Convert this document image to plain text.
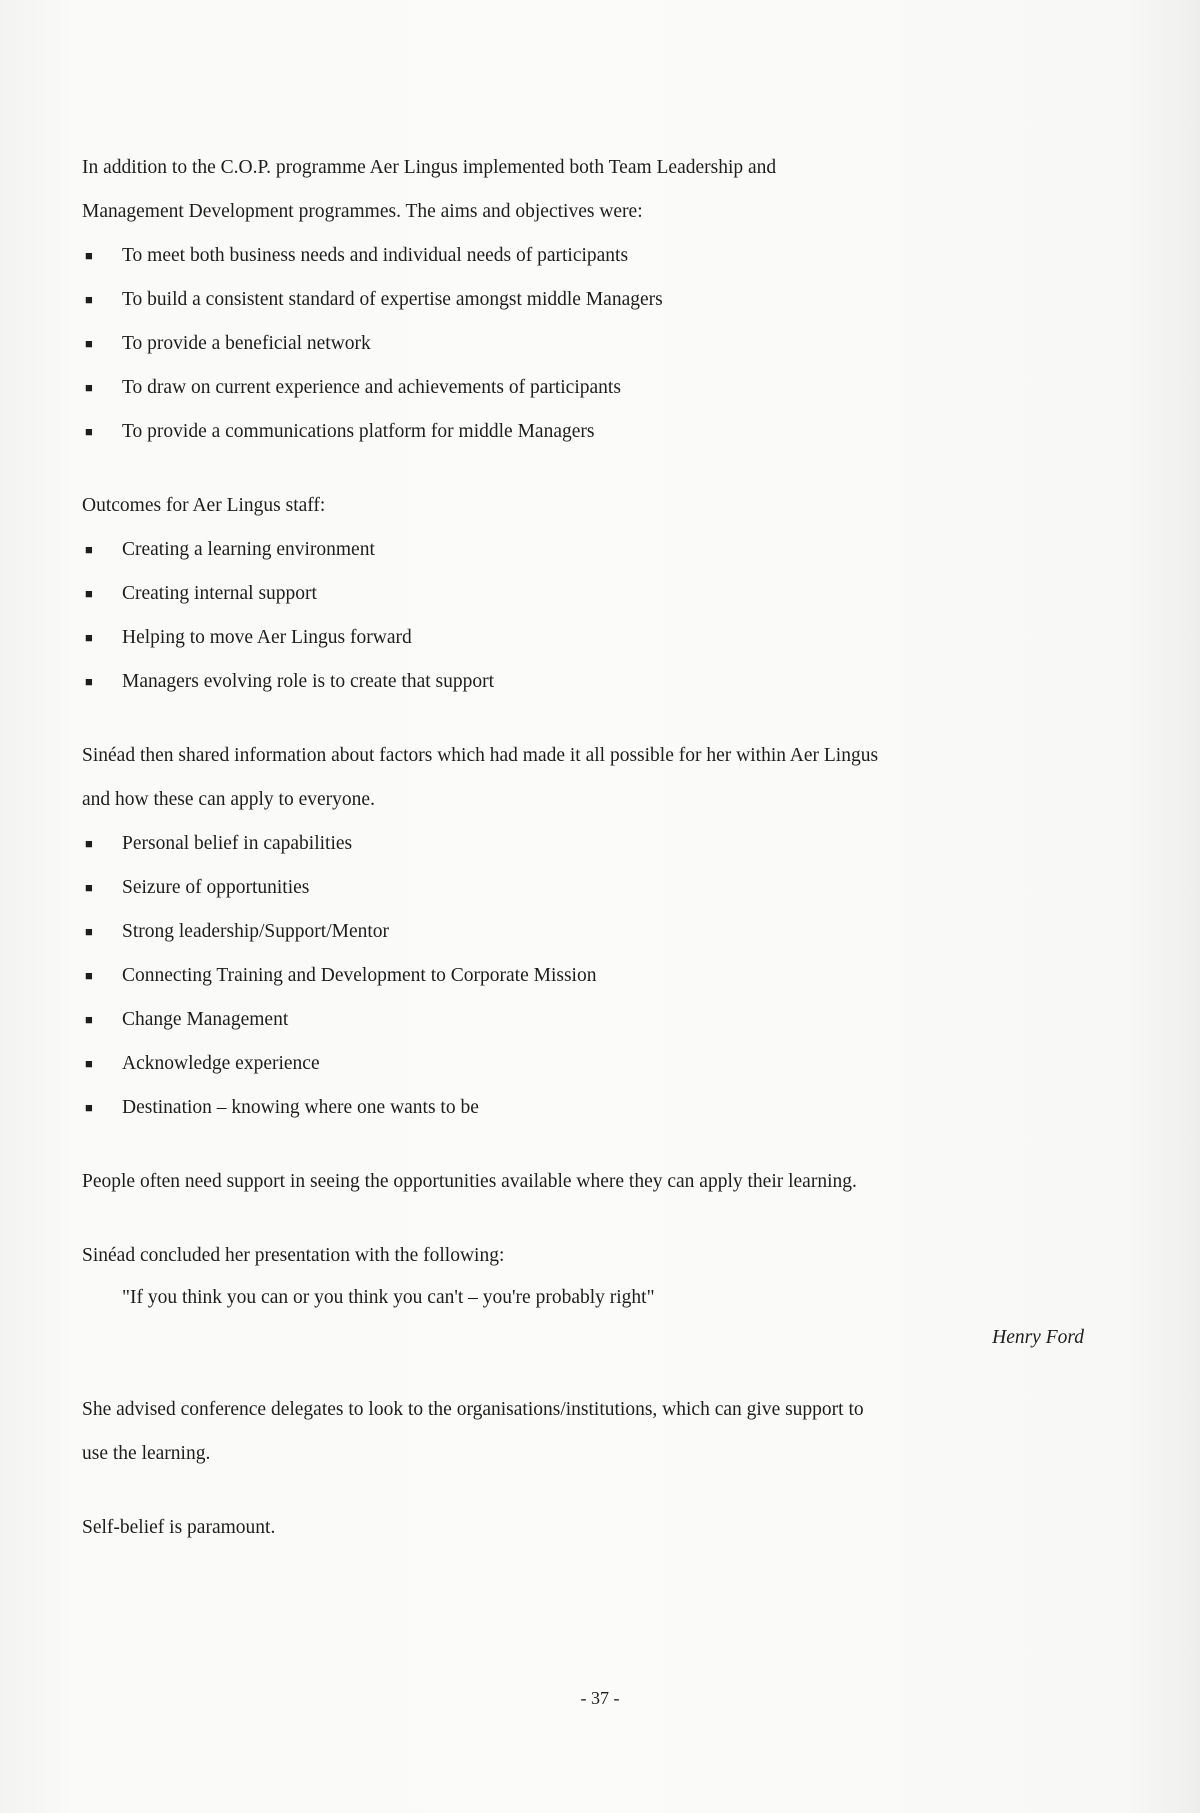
In addition to the C.O.P. programme Aer Lingus implemented both Team Leadership and
Management Development programmes. The aims and objectives were:

■ To meet both business needs and individual needs of participants
■ To build a consistent standard of expertise amongst middle Managers
■ To provide a beneficial network
■ To draw on current experience and achievements of participants
■ To provide a communications platform for middle Managers

Outcomes for Aer Lingus staff:

■ Creating a learning environment
■ Creating internal support
■ Helping to move Aer Lingus forward
■ Managers evolving role is to create that support

Sinéad then shared information about factors which had made it all possible for her within Aer Lingus
and how these can apply to everyone.

■ Personal belief in capabilities
■ Seizure of opportunities
■ Strong leadership/Support/Mentor
■ Connecting Training and Development to Corporate Mission
■ Change Management
■ Acknowledge experience
■ Destination – knowing where one wants to be

People often need support in seeing the opportunities available where they can apply their learning.

Sinéad concluded her presentation with the following:

"If you think you can or you think you can't – you're probably right"

Henry Ford

She advised conference delegates to look to the organisations/institutions, which can give support to
use the learning.

Self-belief is paramount.

- 37 -
